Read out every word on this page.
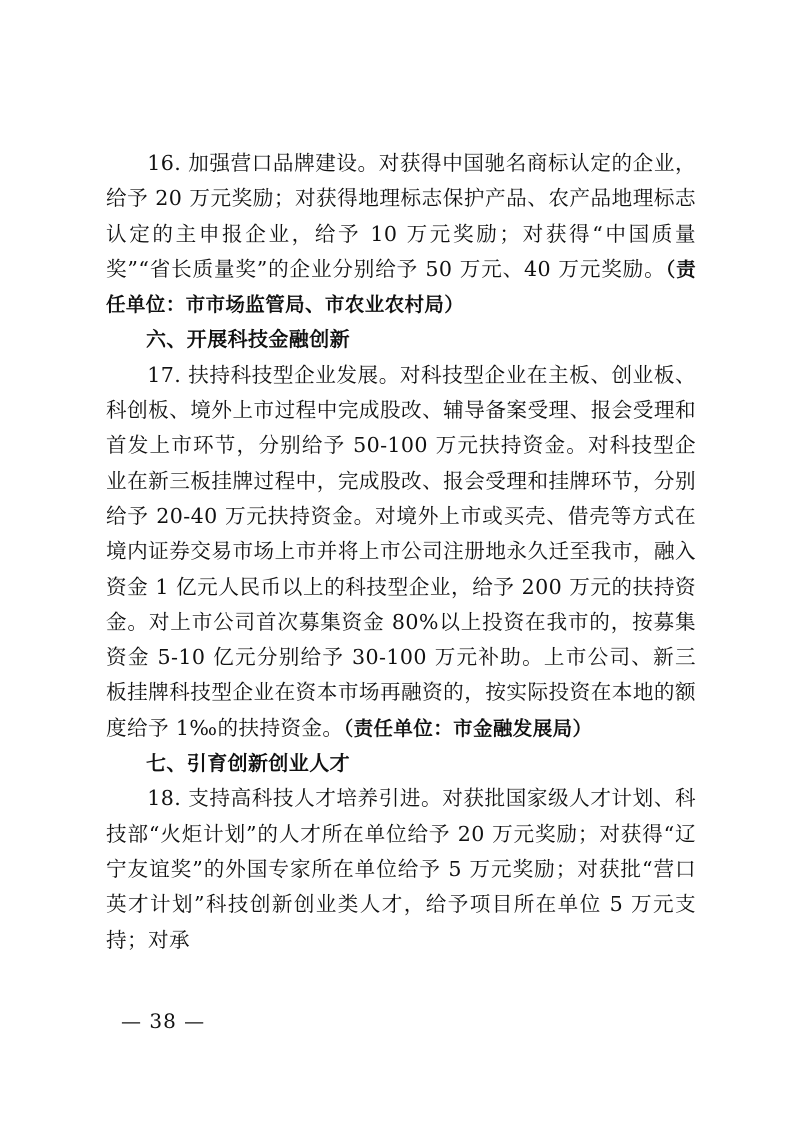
16. 加强营口品牌建设。对获得中国驰名商标认定的企业，给予 20 万元奖励；对获得地理标志保护产品、农产品地理标志认定的主申报企业，给予 10 万元奖励；对获得“中国质量奖”“省长质量奖”的企业分别给予 50 万元、40 万元奖励。（责任单位：市市场监管局、市农业农村局）

六、开展科技金融创新

17. 扶持科技型企业发展。对科技型企业在主板、创业板、科创板、境外上市过程中完成股改、辅导备案受理、报会受理和首发上市环节，分别给予 50-100 万元扶持资金。对科技型企业在新三板挂牌过程中，完成股改、报会受理和挂牌环节，分别给予 20-40 万元扶持资金。对境外上市或买壳、借壳等方式在境内证券交易市场上市并将上市公司注册地永久迁至我市，融入资金 1 亿元人民币以上的科技型企业，给予 200 万元的扶持资金。对上市公司首次募集资金 80%以上投资在我市的，按募集资金 5-10 亿元分别给予 30-100 万元补助。上市公司、新三板挂牌科技型企业在资本市场再融资的，按实际投资在本地的额度给予 1‰的扶持资金。（责任单位：市金融发展局）

七、引育创新创业人才

18. 支持高科技人才培养引进。对获批国家级人才计划、科技部“火炬计划”的人才所在单位给予 20 万元奖励；对获得“辽宁友谊奖”的外国专家所在单位给予 5 万元奖励；对获批“营口英才计划”科技创新创业类人才，给予项目所在单位 5 万元支持；对承

— 38 —
